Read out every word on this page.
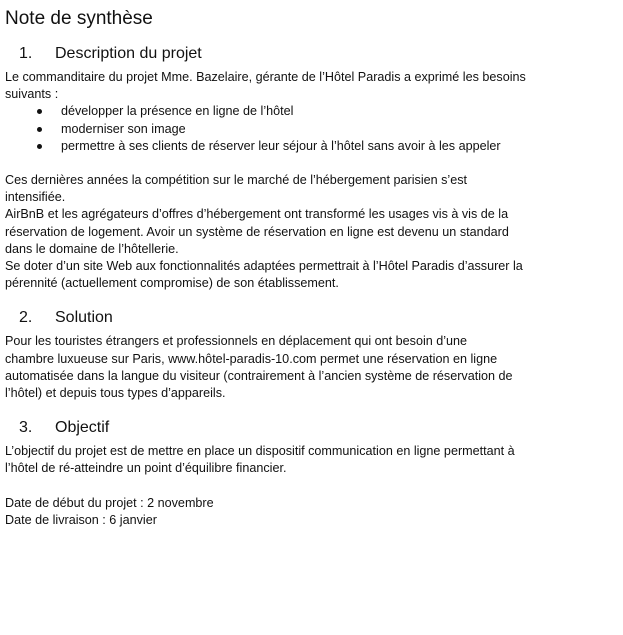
Note de synthèse
1.	Description du projet

Le commanditaire du projet Mme. Bazelaire, gérante de l’Hôtel Paradis a exprimé les besoins
suivants :

développer la présence en ligne de l’hôtel
moderniser son image
permettre à ses clients de réserver leur séjour à l’hôtel sans avoir à les appeler

Ces dernières années la compétition sur le marché de l’hébergement parisien s’est
intensifiée.
AirBnB et les agrégateurs d’offres d’hébergement ont transformé les usages vis à vis de la
réservation de logement. Avoir un système de réservation en ligne est devenu un standard
dans le domaine de l’hôtellerie.
Se doter d’un site Web aux fonctionnalités adaptées permettrait à l’Hôtel Paradis d’assurer la
pérennité (actuellement compromise) de son établissement.

2.	Solution

Pour les touristes étrangers et professionnels en déplacement qui ont besoin d’une
chambre luxueuse sur Paris, www.hôtel-paradis-10.com permet une réservation en ligne
automatisée dans la langue du visiteur (contrairement à l’ancien système de réservation de
l’hôtel) et depuis tous types d’appareils.

3.	Objectif

L’objectif du projet est de mettre en place un dispositif communication en ligne permettant à
l’hôtel de ré-atteindre un point d’équilibre financier.

Date de début du projet : 2 novembre
Date de livraison : 6 janvier
